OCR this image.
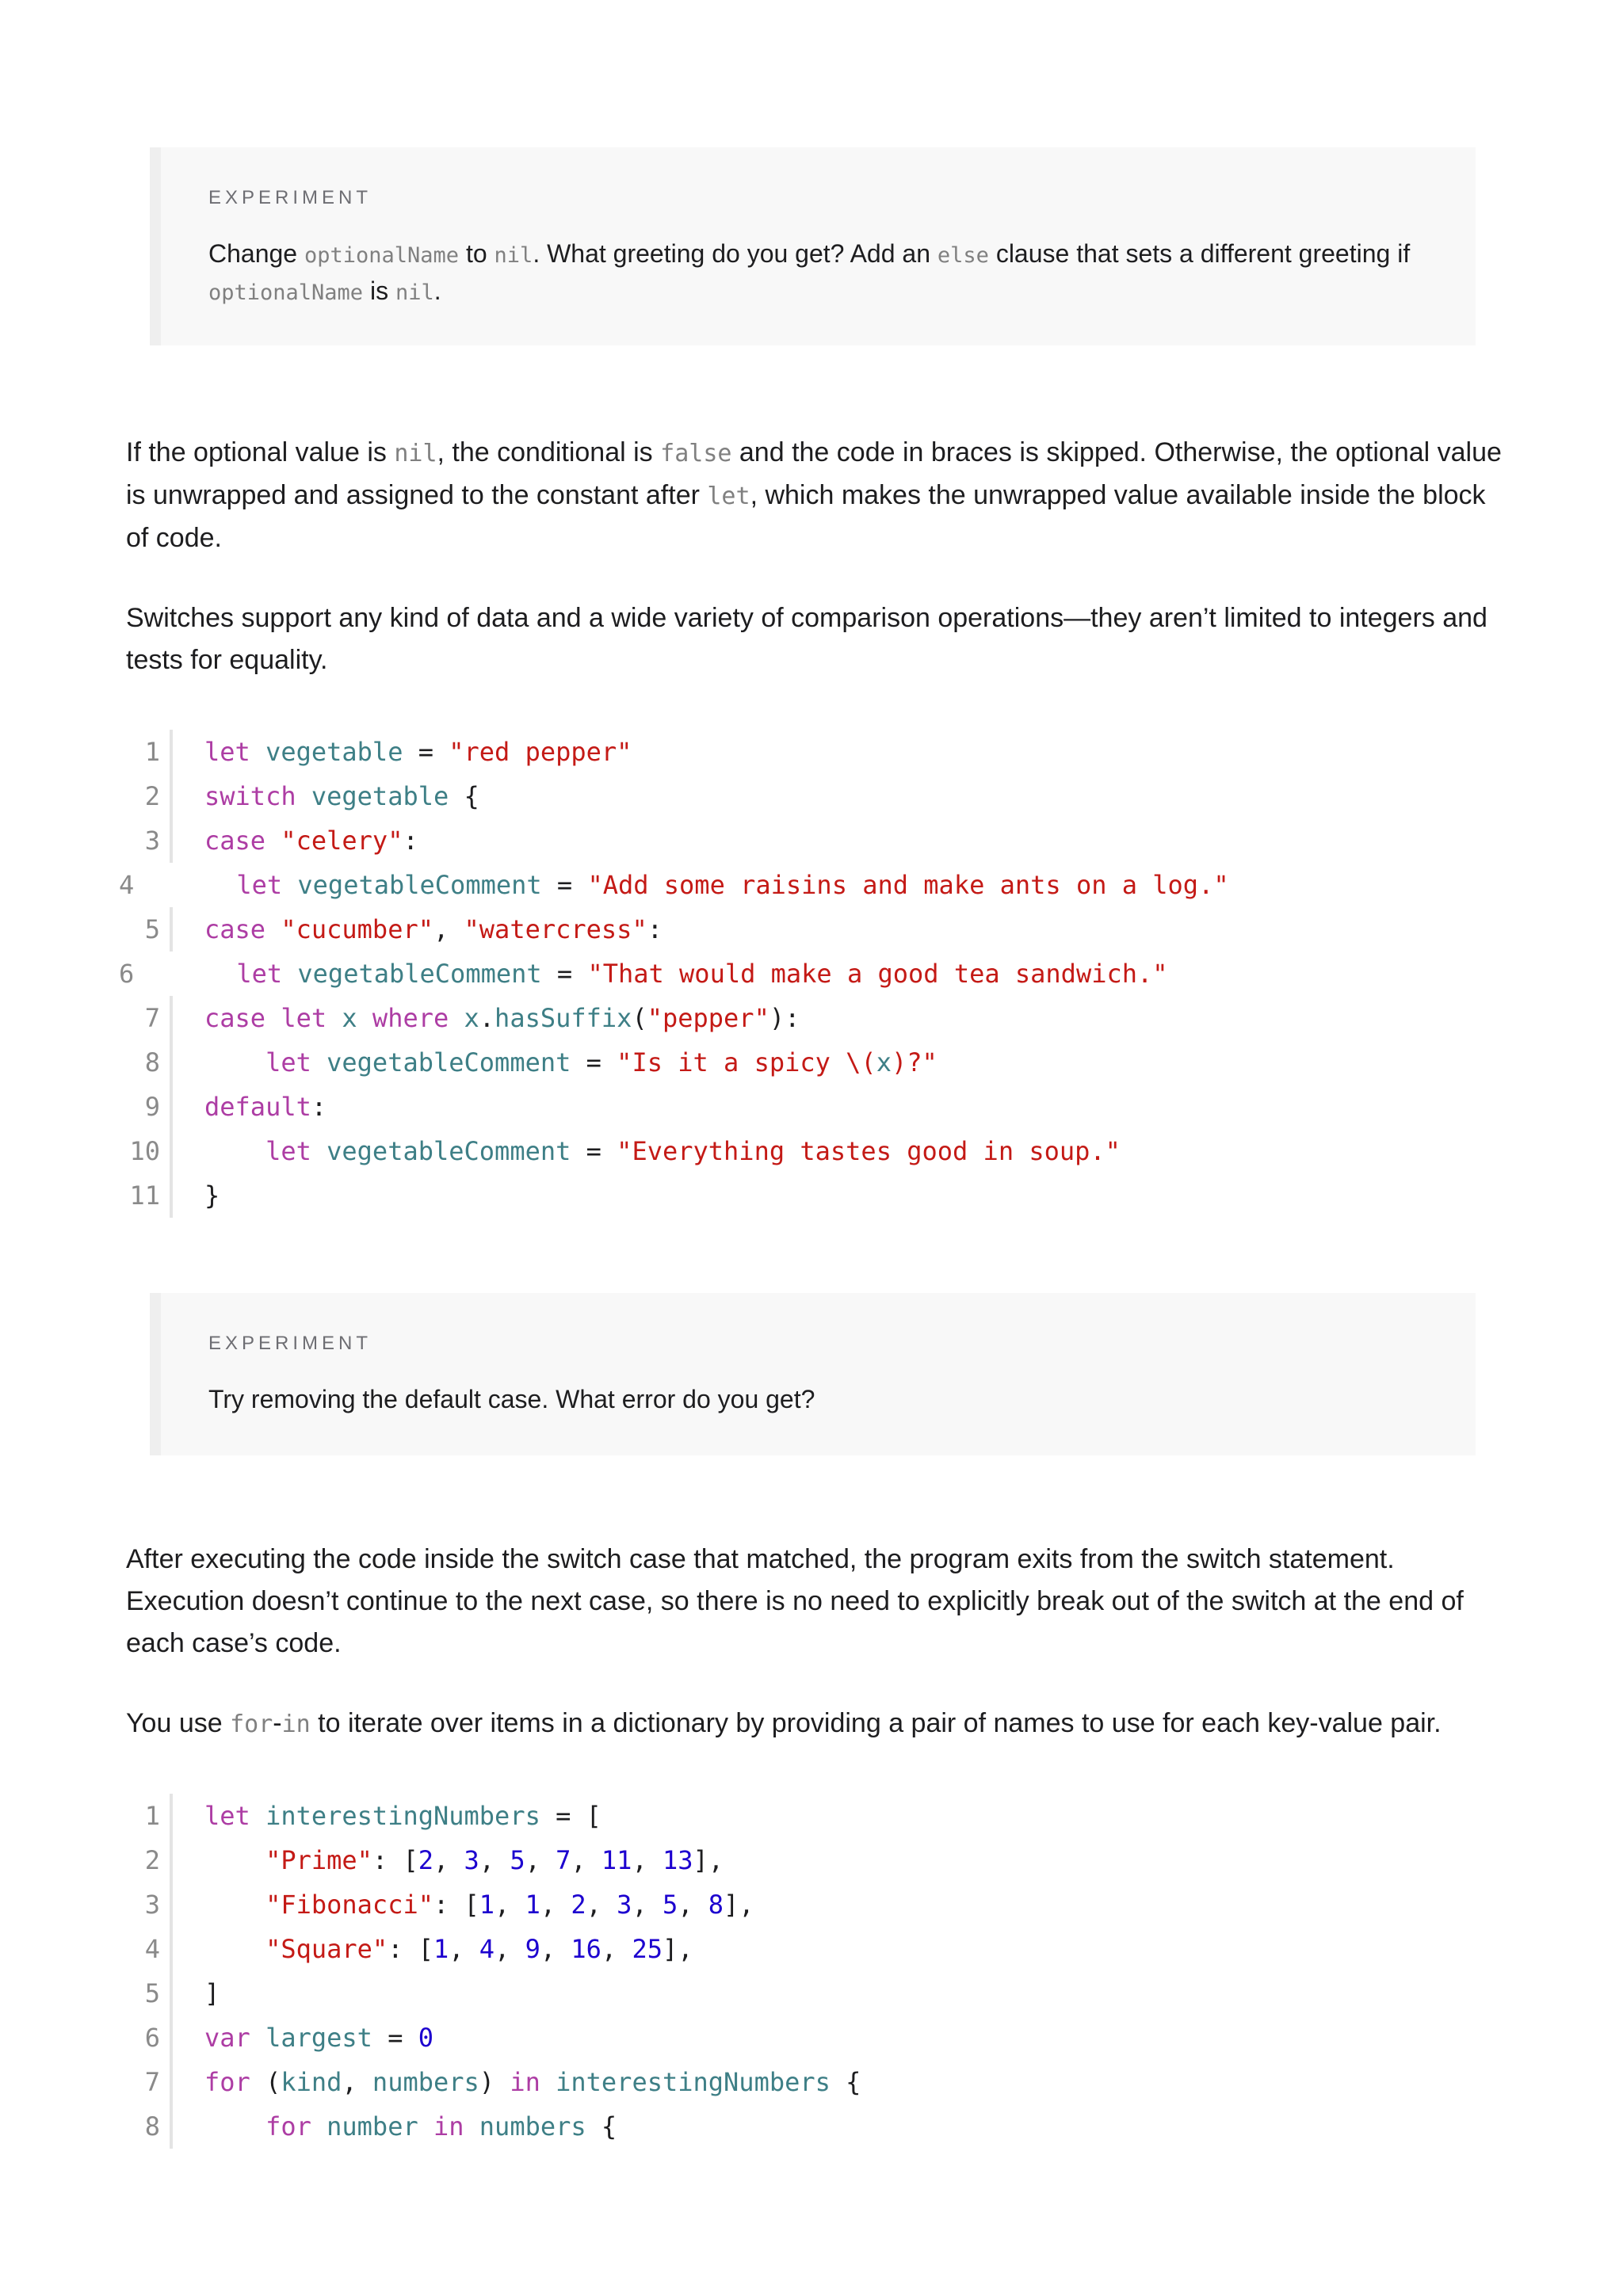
EXPERIMENT
Change optionalName to nil. What greeting do you get? Add an else clause that sets a different greeting if
optionalName is nil.

If the optional value is nil, the conditional is false and the code in braces is skipped. Otherwise, the optional value is unwrapped and assigned to the constant after let, which makes the unwrapped value available inside the block of code.

Switches support any kind of data and a wide variety of comparison operations—they aren’t limited to integers and tests for equality.

1	let vegetable = "red pepper"
2	switch vegetable {
3	case "celery":
4	let vegetableComment = "Add some raisins and make ants on a log."
5	case "cucumber", "watercress":
6	let vegetableComment = "That would make a good tea sandwich."
7	case let x where x.hasSuffix("pepper"):
8	let vegetableComment = "Is it a spicy \(x)?"
9	default:
10	let vegetableComment = "Everything tastes good in soup."
11	}
EXPERIMENT
Try removing the default case. What error do you get?

After executing the code inside the switch case that matched, the program exits from the switch statement. Execution doesn’t continue to the next case, so there is no need to explicitly break out of the switch at the end of each case’s code.

You use for-in to iterate over items in a dictionary by providing a pair of names to use for each key-value pair.

1	let interestingNumbers = [
2	"Prime": [2, 3, 5, 7, 11, 13],
3	"Fibonacci": [1, 1, 2, 3, 5, 8],
4	"Square": [1, 4, 9, 16, 25],
5	]
6	var largest = 0
7	for (kind, numbers) in interestingNumbers {
8	for number in numbers {
